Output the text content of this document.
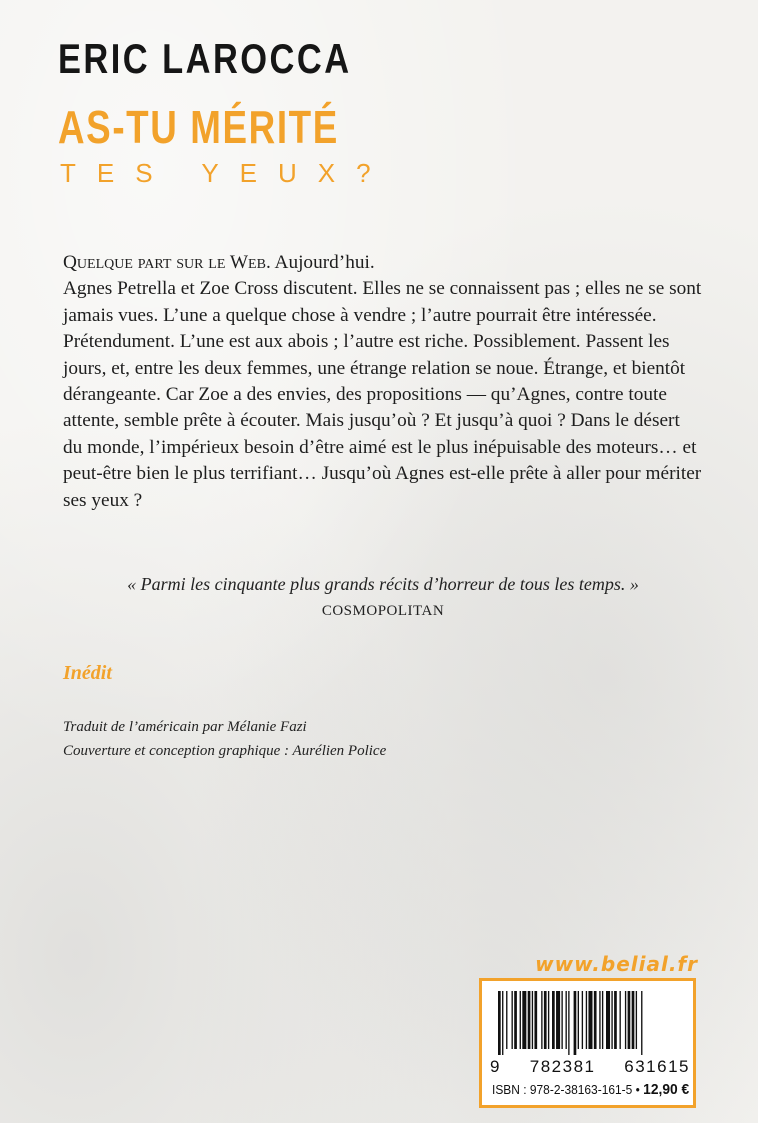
ERIC LAROCCA
AS-TU MÉRITÉ
TES YEUX?

Quelque part sur le Web. Aujourd’hui.

Agnes Petrella et Zoe Cross discutent. Elles ne se connaissent pas ; elles ne se sont jamais vues. L’une a quelque chose à vendre ; l’autre pourrait être intéressée. Prétendument. L’une est aux abois ; l’autre est riche. Possiblement. Passent les jours, et, entre les deux femmes, une étrange relation se noue. Étrange, et bientôt dérangeante. Car Zoe a des envies, des propositions — qu’Agnes, contre toute attente, semble prête à écouter. Mais jusqu’où ? Et jusqu’à quoi ? Dans le désert du monde, l’impérieux besoin d’être aimé est le plus inépuisable des moteurs… et peut-être bien le plus terrifiant… Jusqu’où Agnes est-elle prête à aller pour mériter ses yeux ?

« Parmi les cinquante plus grands récits d’horreur de tous les temps. »
COSMOPOLITAN
Inédit
Traduit de l’américain par Mélanie Fazi
Couverture et conception graphique : Aurélien Police
www.belial.fr
9 782381 631615
ISBN : 978-2-38163-161-5 • 12,90 €
